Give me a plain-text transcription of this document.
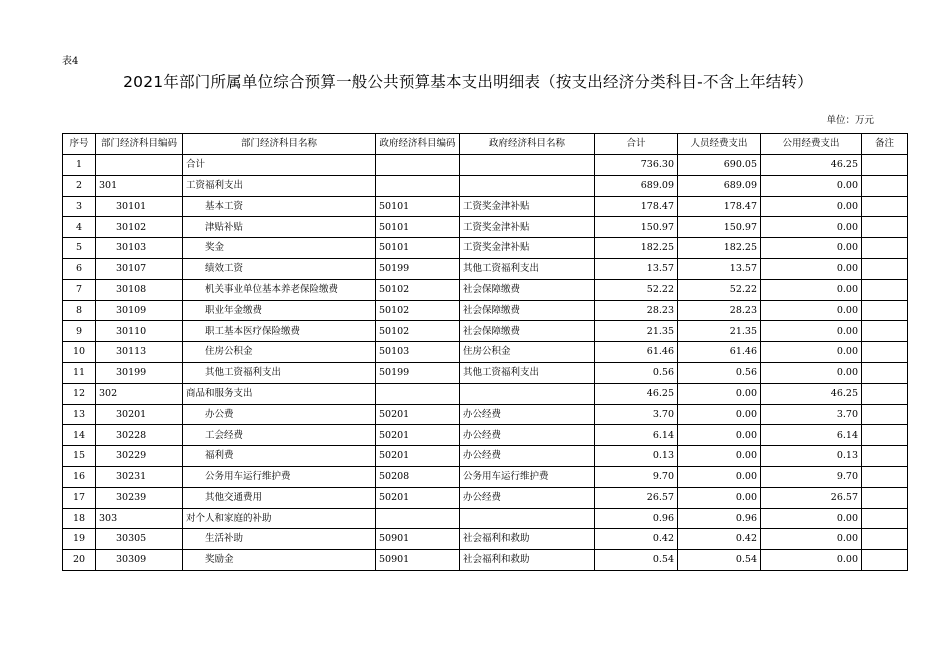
表4
2021年部门所属单位综合预算一般公共预算基本支出明细表（按支出经济分类科目-不含上年结转）
单位：万元
序号	部门经济科目编码	部门经济科目名称	政府经济科目编码	政府经济科目名称	合计	人员经费支出	公用经费支出	备注
1		合计			736.30	690.05	46.25	
2	301	工资福利支出			689.09	689.09	0.00	
3	30101	基本工资	50101	工资奖金津补贴	178.47	178.47	0.00	
4	30102	津贴补贴	50101	工资奖金津补贴	150.97	150.97	0.00	
5	30103	奖金	50101	工资奖金津补贴	182.25	182.25	0.00	
6	30107	绩效工资	50199	其他工资福利支出	13.57	13.57	0.00	
7	30108	机关事业单位基本养老保险缴费	50102	社会保障缴费	52.22	52.22	0.00	
8	30109	职业年金缴费	50102	社会保障缴费	28.23	28.23	0.00	
9	30110	职工基本医疗保险缴费	50102	社会保障缴费	21.35	21.35	0.00	
10	30113	住房公积金	50103	住房公积金	61.46	61.46	0.00	
11	30199	其他工资福利支出	50199	其他工资福利支出	0.56	0.56	0.00	
12	302	商品和服务支出			46.25	0.00	46.25	
13	30201	办公费	50201	办公经费	3.70	0.00	3.70	
14	30228	工会经费	50201	办公经费	6.14	0.00	6.14	
15	30229	福利费	50201	办公经费	0.13	0.00	0.13	
16	30231	公务用车运行维护费	50208	公务用车运行维护费	9.70	0.00	9.70	
17	30239	其他交通费用	50201	办公经费	26.57	0.00	26.57	
18	303	对个人和家庭的补助			0.96	0.96	0.00	
19	30305	生活补助	50901	社会福利和救助	0.42	0.42	0.00	
20	30309	奖励金	50901	社会福利和救助	0.54	0.54	0.00	
